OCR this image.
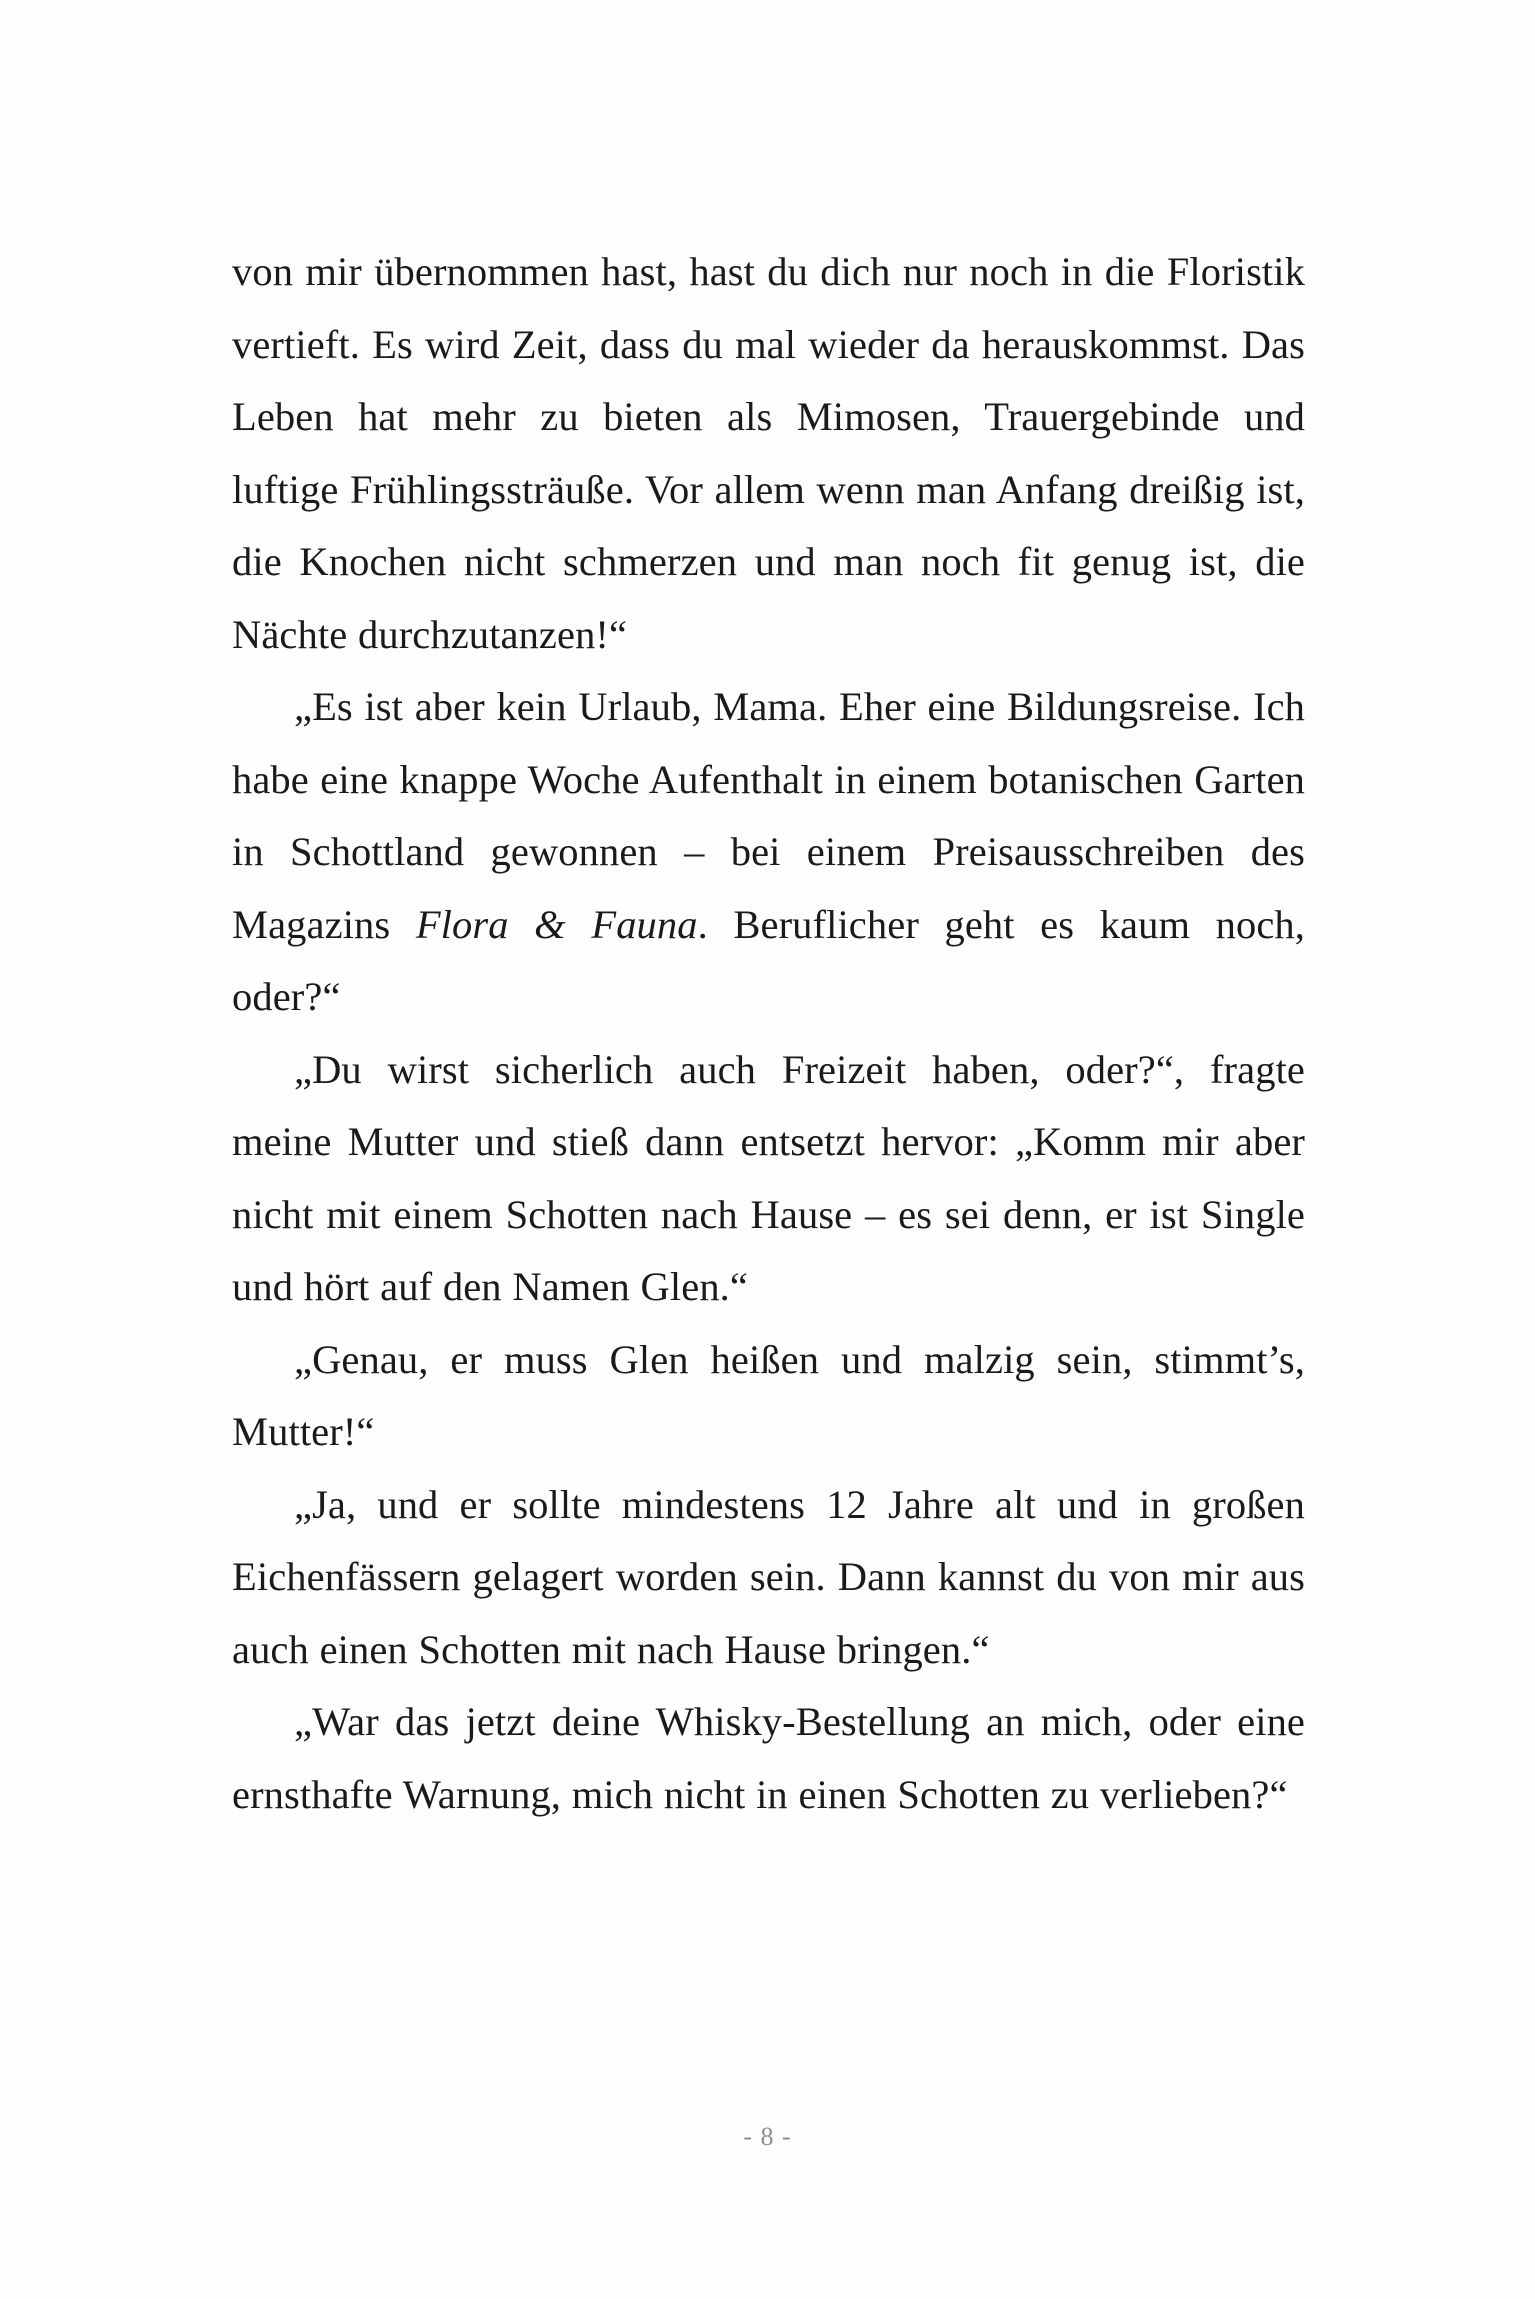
von mir übernommen hast, hast du dich nur noch in die Floristik vertieft. Es wird Zeit, dass du mal wieder da herauskommst. Das Leben hat mehr zu bieten als Mimosen, Trauergebinde und luftige Frühlingssträuße. Vor allem wenn man Anfang dreißig ist, die Knochen nicht schmerzen und man noch fit genug ist, die Nächte durchzutanzen!“

„Es ist aber kein Urlaub, Mama. Eher eine Bildungsreise. Ich habe eine knappe Woche Aufenthalt in einem botanischen Garten in Schottland gewonnen – bei einem Preisausschreiben des Magazins Flora & Fauna. Beruflicher geht es kaum noch, oder?“

„Du wirst sicherlich auch Freizeit haben, oder?“, fragte meine Mutter und stieß dann entsetzt hervor: „Komm mir aber nicht mit einem Schotten nach Hause – es sei denn, er ist Single und hört auf den Namen Glen.“

„Genau, er muss Glen heißen und malzig sein, stimmt’s, Mutter!“

„Ja, und er sollte mindestens 12 Jahre alt und in großen Eichenfässern gelagert worden sein. Dann kannst du von mir aus auch einen Schotten mit nach Hause bringen.“

„War das jetzt deine Whisky-Bestellung an mich, oder eine ernsthafte Warnung, mich nicht in einen Schotten zu verlieben?“

- 8 -
